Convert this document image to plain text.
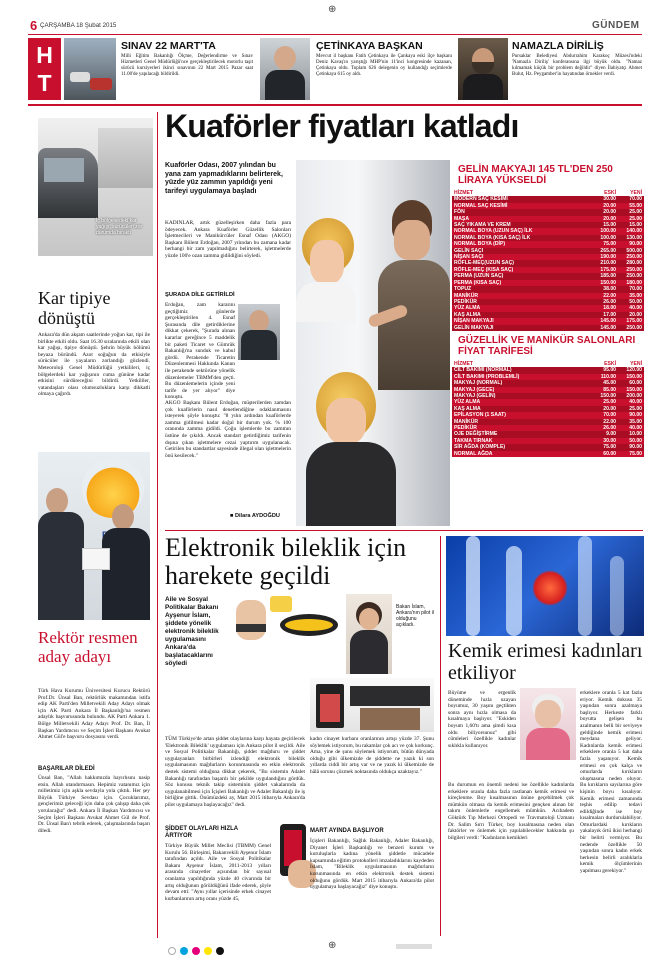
6 ÇARŞAMBA 18 Şubat 2015	GÜNDEM
H
T
SINAV 22 MART'TA

Milli Eğitim Bakanlığı Ölçme, Değerlendirme ve Sınav Hizmetleri Genel Müdürlüğü'nce gerçekleştirilecek motorlu taşıt sürücü kursiyerleri ikinci sınavının 22 Mart 2015 Pazar saat 11.00'de yapılacağı bildirildi.

ÇETİNKAYA BAŞKAN

Mevcut il başkanı Fatih Çetinkaya ile Çankaya eski ilçe başkanı Deniz Kavaş'ın yarıştığı MHP'nin 11'inci kongresinde kazanan, Çetinkaya oldu. Toplam 626 delegenin oy kullandığı seçimlerde Çetinkaya 615 oy aldı.

NAMAZLA DİRİLİŞ

Pursaklar Belediyesi Abdurrahim Karakoç Müzesi'ndeki 'Namazla Diriliş' konferansına ilgi büyük oldu. "Namaz kılmamak küçük bir problem değildir" diyen İlahiyatçı Ahmet Bulut, Hz. Peygamber'in hayatından örnekler verdi.

İç bölgelerdeki kar yağışı, sürücüleri zor durumda bıraktı
Kar tipiye dönüştü

Ankara'da dün akşam saatlerinde yoğun kar, tipi ile birlikte etkili oldu. Saat 16.30 sıralarında etkili olan kar yağışı, tipiye dönüştü. Şehrin büyük bölümü beyaza büründü. Azot soğuğun da etkisiyle sürücüler ile yayaların zorlandığı gözlendi. Meteoroloji Genel Müdürlüğü yetkilileri, iç bölgelerdeki kar yağışının cuma gününe kadar etkisini sürdüreceğini bildirdi. Yetkililer, vatandaşları olası olumsuzluklara karşı dikkatli olmaya çağırdı.

Rektör resmen aday adayı

Türk Hava Kurumu Üniversitesi Kurucu Rektörü Prof.Dr. Ünsal Ban, rektörlük makamından istifa edip AK Parti'den Milletvekili Aday Adayı olmak için AK Parti Ankara İl Başkanlığı'na resmen adaylık başvurusunda bulundu. AK Parti Ankara 1. Bölge Milletvekili Aday Adayı Prof. Dr. Ban, İl Başkan Yardımcısı ve Seçim İşleri Başkanı Avukat Ahmet Gül'e başvuru dosyasını verdi.

BAŞARILAR DİLEDİ

Ünsal Ban, "Allah hakkımızda hayırlısını nasip etsin. Allah utandırmasın. Hepimiz vatanımız için milletimiz için aşkla sevdayla yola çıktık. Her şey Büyük Türkiye Sevdası için. Çocuklarımız, gençlerimiz geleceği için daha çok çalışıp daha çok yorulacağız" dedi. Ankara İl Başkan Yardımcısı ve Seçim İşleri Başkanı Avukat Ahmet Gül de Prof. Dr. Ünsal Ban'ı tebrik ederek, çalışmalarında başarı diledi.

Kuaförler fiyatları katladı
Kuaförler Odası, 2007 yılından bu yana zam yapmadıklarını belirterek, yüzde yüz zammın yapıldığı yeni tarifeyi uygulamaya başladı

KADINLAR, artık güzelleşirken daha fazla para ödeyecek. Ankara Kuaförler Güzellik Salonları İşletmecileri ve Manikürcüler Esnaf Odası (AKGO) Başkanı Bülent Erdoğan, 2007 yılından bu zamana kadar herhangi bir zam yapılmadığını belirterek, işletmelerde yüzde 100'e ozan zamma gidildiğini söyledi.

ŞURADA DİLE GETİRİLDİ

Erdoğan, zam kararını geçtiğimiz günlerde gerçekleştirilen 4. Esnaf Şurasında dile getirdiklerine dikkat çekerek, "Şurada alınan kararlar gereğince 5 maddelik bir paketi Ticaret ve Gümrük Bakanlığı'na sunduk ve kabul gördü. Perakende Ticaretin Düzenlenmesi Hakkında Kanun ile perakende sektörüne yönelik düzenlemeler TBMM'den geçti. Bu düzenlemelerin içinde yeni tarife de yer alıyor" diye konuştu.

AKGO Başkanı Bülent Erdoğan, müşterilerden zamdan çok kuaförlerin nasıl denetlendiğine odaklanmasını isteyerek şöyle konuştu: "8 yılın ardından kuaförlerde zamma gidilmesi kadar doğal bir durum yok. % 100 oranında zamma gidildi. Çoğu işlemlerde bu zammın üstüne de çıkıldı. Ancak standart getirdiğimiz tarifenin dışına çıkan işletmelere cezai yaptırım uygulanacak. Getirilen bu standartlar sayesinde illegal olan işletmelerin önü kesilecek."

■ Dilara AYDOĞDU
GELİN MAKYAJI 145 TL'DEN 250 LİRAYA YÜKSELDİ
HİZMET	ESKİ	YENİ
MODERN SAÇ KESİMİ	30.00	70.00
NORMAL SAÇ KESİMİ	20.00	55.00
FÖN	20.00	25.00
MAŞA	20.00	25.00
SAÇ YIKAMA VE KREM	15.00	15.00
NORMAL BOYA (UZUN SAÇ) İLK	100.00	140.00
NORMAL BOYA (KISA SAÇ) İLK	100.00	130.00
NORMAL BOYA (DİP)	75.00	90.00
GELİN SAÇI	265.00	500.00
NİŞAN SAÇI	190.00	250.00
RÖFLE-MEÇ(UZUN SAÇ)	210.00	280.00
RÖFLE-MEÇ (KISA SAÇ)	175.00	250.00
PERMA (UZUN SAÇ)	185.00	250.00
PERMA (KISA SAÇ)	150.00	180.00
TOPUZ	38.00	70.00
MANİKÜR	22.00	35.00
PEDİKÜR	26.00	50.00
YÜZ ALMA	18.00	40.00
KAŞ ALMA	17.00	20.00
NİŞAN MAKYAJI	145.00	175.00
GELİN MAKYAJI	145.00	250.00
GÜZELLİK VE MANİKÜR SALONLARI FİYAT TARİFESİ
HİZMET	ESKİ	YENİ
CİLT BAKIMI (NORMAL)	95.00	120.00
CİLT BAKIMI (PROBLEMLİ)	110.00	150.00
MAKYAJ (NORMAL)	45.00	60.00
MAKYAJ (GECE)	85.00	150.00
MAKYAJ (GELİN)	150.00	200.00
YÜZ ALMA	25.00	40.00
KAŞ ALMA	20.00	25.00
EPİLASYON (1 SAAT)	70.00	90.00
MANİKÜR	22.00	35.00
PEDİKÜR	26.00	40.00
OJE DEĞİŞTİRME	9.00	10.00
TAKMA TIRNAK	30.00	50.00
SİR AĞDA (KOMPLE)	75.00	90.00
NORMAL AĞDA	60.00	75.00
Elektronik bileklik için harekete geçildi
Aile ve Sosyal Politikalar Bakanı Ayşenur İslam, şiddete yönelik elektronik bileklik uygulamasını Ankara'da başlatacaklarını söyledi
Bakan İslam, Ankara'nın pilot il olduğunu açıkladı.

TÜM Türkiye'de artan şiddet olaylarına karşı hayata geçirilecek 'Elektronik Bileklik' uygulaması için Ankara pilot il seçildi. Aile ve Sosyal Politikalar Bakanlığı, şiddet mağduru ve şiddet uygulayanları birbirleri izlendiği elektronik bileklik uygulamasının mağdurların korunmasında en etkin elektronik destek sistemi olduğuna dikkat çekerek, "Bu sistemin Adalet Bakanlığı tarafından başarılı bir şekilde uygulandığını gördük. Söz konusu teknik takip sisteminin şiddet vakalarında da uygulanabilmesi için İçişleri Bakanlığı ve Adalet Bakanlığı ile iş birliğine gittik. Önümüzdeki ay, Mart 2015 itibarıyla Ankara'da pilot uygulamaya başlayacağız" dedi.

ŞİDDET OLAYLARI HIZLA ARTIYOR

Türkiye Büyük Millet Meclisi (TBMM) Genel Kurulu 56. Birleşimi, Bakanvekili Ayşenur İslam tarafından açıldı. Aile ve Sosyal Politikalar Bakanı Ayşenur İslam, 2011-2013 yılları arasında cinayetler açısından bir sayısal oranlama yapıldığında yüzde 40 civarında bir artış olduğunun görüldüğünü ifade ederek, şöyle devam etti: "Aynı yıllar içerisinde erkek cinayet kurbanlarının artış oranı yüzde 45,

kadın cinayet kurbanı oranlarının artışı yüzde 37. Şunu söylemek istiyorum, bu rakamlar çok acı ve çok korkunç. Ama, yine de şunu söylemek istiyorum, bütün dünyada olduğu gibi ülkemizde de şiddette ne yazık ki son yıllarda ciddi bir artış var ve ne yazık ki ülkemizde de hâlâ sorunu çözmek noktasında oldukça uzaktayız."

MART AYINDA BAŞLIYOR

İçişleri Bakanlığı, Sağlık Bakanlığı, Adalet Bakanlığı, Diyanet İşleri Başkanlığı ve benzeri kurum ve kuruluşlarla kadına yönelik şiddetle mücadele kapsamında eğitim protokolleri imzaladıklarını kaydeden İslam, "Bileklik uygulamasının mağdurların korunmasında en etkin elektronik destek sistemi olduğunu gördük. Mart 2015 itibarıyla Ankara'da pilot uygulamaya başlayacağız" diye konuştu.

Kemik erimesi kadınları etkiliyor

Büyüme ve ergenlik döneminde hızla uzayan boyumuz, 30 yaşını geçtikten sonra aynı hızla olmasa da kısalmaya başlıyor. "Eskiden boyum 1,60'tı ama şimdi kısa oldu biliyorsunuz" gibi cümleleri özellikle kadınlar sıklıkla kullanıyor.

Bu durumun en önemli nedeni ise özellikle kadınlarda erkeklere oranla daha fazla rastlanan kemik erimesi ve kireçlenme. Boy kısalmasının önüne geçebilmek çok mümkün olmasa da kemik erimesini gençken alınan bir takım önlemlerle engellemek mümkün. Acıbadem Göktürk Tıp Merkezi Ortopedi ve Travmatoloji Uzmanı Dr. Salim Sırrı Türker, boy kısalmasına neden olan faktörler ve önlemek için yapılabilecekler hakkında şu bilgileri verdi: "Kadınların kemikleri

erkeklere oranla 5 kat fazla eriyor. Kemik dokusu 35 yaşından sonra azalmaya başlıyor. Herkeste farklı boyutta gelişen bu azalmanın belli bir seviyeye geldiğinde kemik erimesi meydana geliyor. Kadınlarda kemik erimesi erkeklere oranla 5 kat daha fazla yaşanıyor. Kemik erimesi en çok kalça ve omurlarda kırıkların oluşmasına neden oluyor. Bu kırıkların sayılarına göre kişinin boyu kısalıyor. Kemik erimesi zamanında teşhis edilip tedavi edildiğinde ise boy kısalmaları durdurulabiliyor. Omurlardaki kırıkların yakalayık örtü ikisi herhangi bir belirti vermiyor. Bu nedende özellikle 50 yaşından sonra kadın erkek herkesin belirli aralıklarla kemik ölçümlerinin yapılması gerekiyor."

⊕
⊕
